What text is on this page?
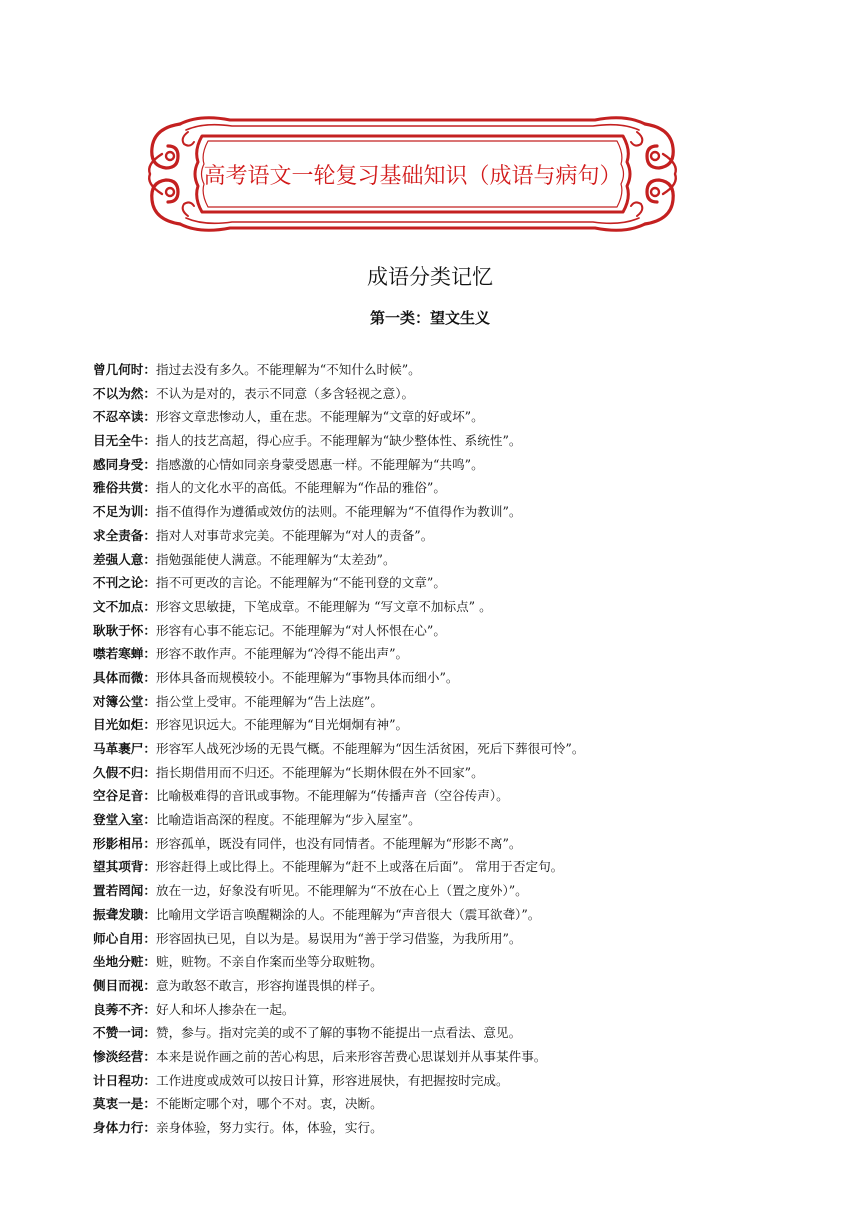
高考语文一轮复习基础知识（成语与病句）
成语分类记忆
第一类：望文生义
曾几何时：指过去没有多久。不能理解为“不知什么时候”。
不以为然：不认为是对的，表示不同意（多含轻视之意）。
不忍卒读：形容文章悲惨动人，重在悲。不能理解为“文章的好或坏”。
目无全牛：指人的技艺高超，得心应手。不能理解为“缺少整体性、系统性”。
感同身受：指感激的心情如同亲身蒙受恩惠一样。不能理解为“共鸣”。
雅俗共赏：指人的文化水平的高低。不能理解为“作品的雅俗”。
不足为训：指不值得作为遵循或效仿的法则。不能理解为“不值得作为教训”。
求全责备：指对人对事苛求完美。不能理解为“对人的责备”。
差强人意：指勉强能使人满意。不能理解为“太差劲”。
不刊之论：指不可更改的言论。不能理解为“不能刊登的文章”。
文不加点：形容文思敏捷，下笔成章。不能理解为 “写文章不加标点” 。
耿耿于怀：形容有心事不能忘记。不能理解为“对人怀恨在心”。
噤若寒蝉：形容不敢作声。不能理解为“冷得不能出声”。
具体而微：形体具备而规模较小。不能理解为“事物具体而细小”。
对簿公堂：指公堂上受审。不能理解为“告上法庭”。
目光如炬：形容见识远大。不能理解为“目光炯炯有神”。
马革裹尸：形容军人战死沙场的无畏气概。不能理解为“因生活贫困，死后下葬很可怜”。
久假不归：指长期借用而不归还。不能理解为“长期休假在外不回家”。
空谷足音：比喻极难得的音讯或事物。不能理解为“传播声音（空谷传声）。
登堂入室：比喻造诣高深的程度。不能理解为“步入屋室”。
形影相吊：形容孤单，既没有同伴，也没有同情者。不能理解为“形影不离”。
望其项背：形容赶得上或比得上。不能理解为“赶不上或落在后面”。 常用于否定句。
置若罔闻：放在一边，好象没有听见。不能理解为“不放在心上（置之度外）”。
振聋发聩：比喻用文学语言唤醒糊涂的人。不能理解为“声音很大（震耳欲聋）”。
师心自用：形容固执已见，自以为是。易误用为“善于学习借鉴，为我所用”。
坐地分赃：赃，赃物。不亲自作案而坐等分取赃物。
侧目而视：意为敢怒不敢言，形容拘谨畏惧的样子。
良莠不齐：好人和坏人掺杂在一起。
不赞一词：赞，参与。指对完美的或不了解的事物不能提出一点看法、意见。
惨淡经营：本来是说作画之前的苦心构思，后来形容苦费心思谋划并从事某件事。
计日程功：工作进度或成效可以按日计算，形容进展快，有把握按时完成。
莫衷一是：不能断定哪个对，哪个不对。衷，决断。
身体力行：亲身体验，努力实行。体，体验，实行。
